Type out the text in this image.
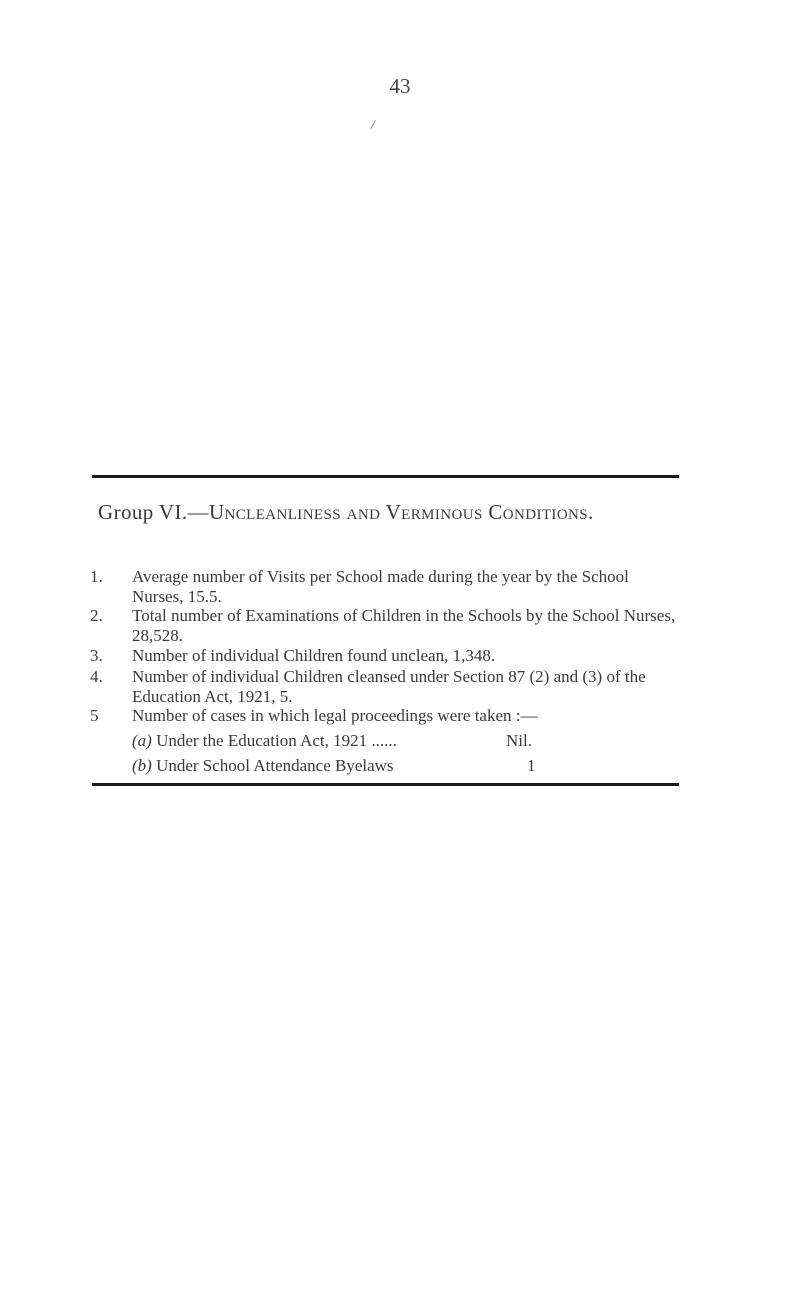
43
/
Group VI.—Uncleanliness and Verminous Conditions.
1. Average number of Visits per School made during the year by the School Nurses, 15.5.
2. Total number of Examinations of Children in the Schools by the School Nurses, 28,528.
3. Number of individual Children found unclean, 1,348.
4. Number of individual Children cleansed under Section 87 (2) and (3) of the Education Act, 1921, 5.
5 Number of cases in which legal proceedings were taken :—
(a) Under the Education Act, 1921 ......	Nil.
(b) Under School Attendance Byelaws	1
